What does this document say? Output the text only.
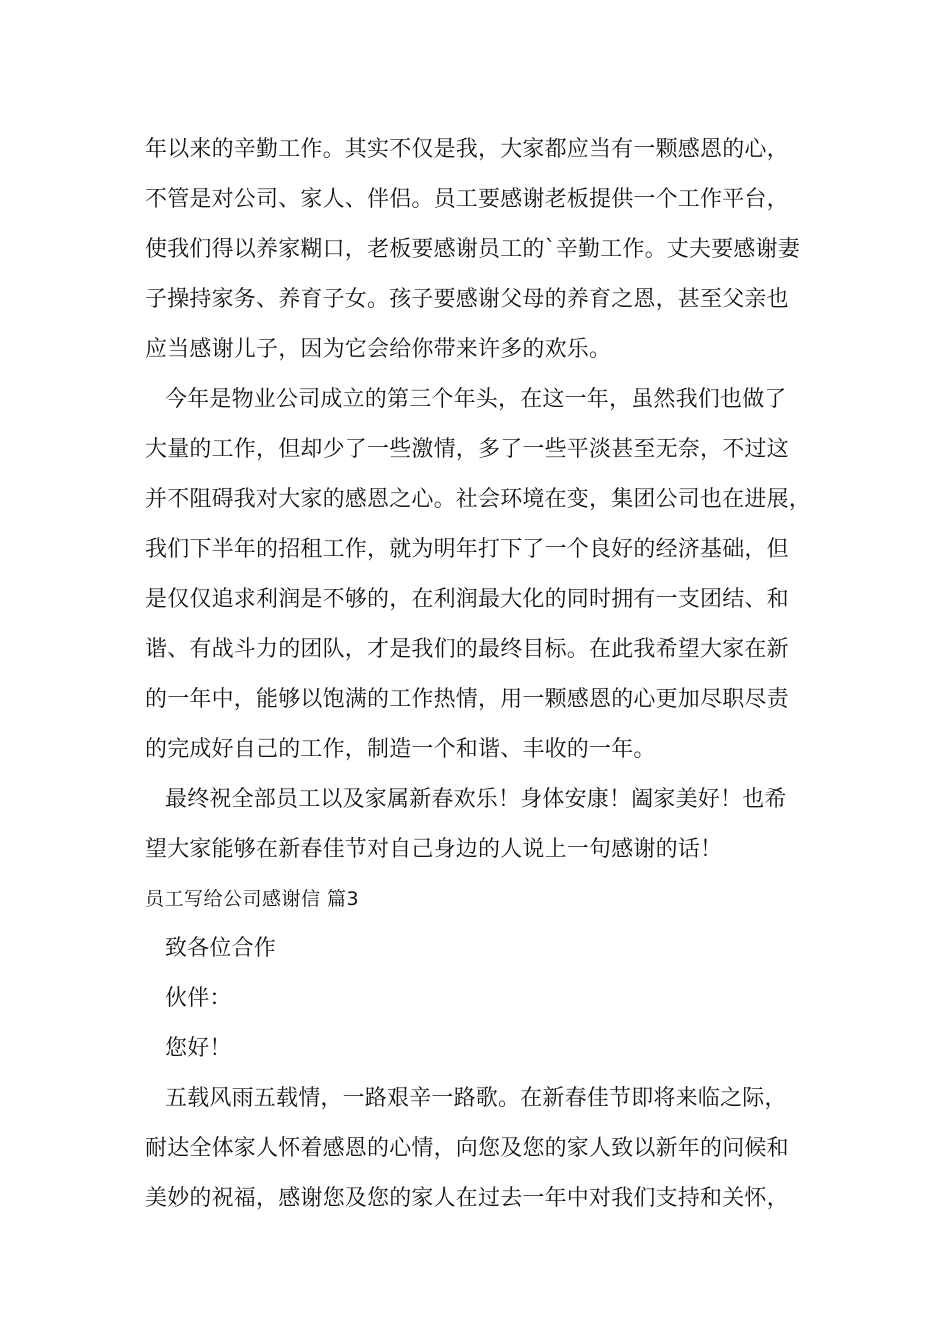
年以来的辛勤工作。其实不仅是我，大家都应当有一颗感恩的心，
不管是对公司、家人、伴侣。员工要感谢老板提供一个工作平台，
使我们得以养家糊口，老板要感谢员工的`辛勤工作。丈夫要感谢妻
子操持家务、养育子女。孩子要感谢父母的养育之恩，甚至父亲也
应当感谢儿子，因为它会给你带来许多的欢乐。
今年是物业公司成立的第三个年头，在这一年，虽然我们也做了
大量的工作，但却少了一些激情，多了一些平淡甚至无奈，不过这
并不阻碍我对大家的感恩之心。社会环境在变，集团公司也在进展，
我们下半年的招租工作，就为明年打下了一个良好的经济基础，但
是仅仅追求利润是不够的，在利润最大化的同时拥有一支团结、和
谐、有战斗力的团队，才是我们的最终目标。在此我希望大家在新
的一年中，能够以饱满的工作热情，用一颗感恩的心更加尽职尽责
的完成好自己的工作，制造一个和谐、丰收的一年。
最终祝全部员工以及家属新春欢乐！身体安康！阖家美好！也希
望大家能够在新春佳节对自己身边的人说上一句感谢的话！
员工写给公司感谢信 篇3
致各位合作
伙伴：
您好！
五载风雨五载情，一路艰辛一路歌。在新春佳节即将来临之际，
耐达全体家人怀着感恩的心情，向您及您的家人致以新年的问候和
美妙的祝福，感谢您及您的家人在过去一年中对我们支持和关怀，
